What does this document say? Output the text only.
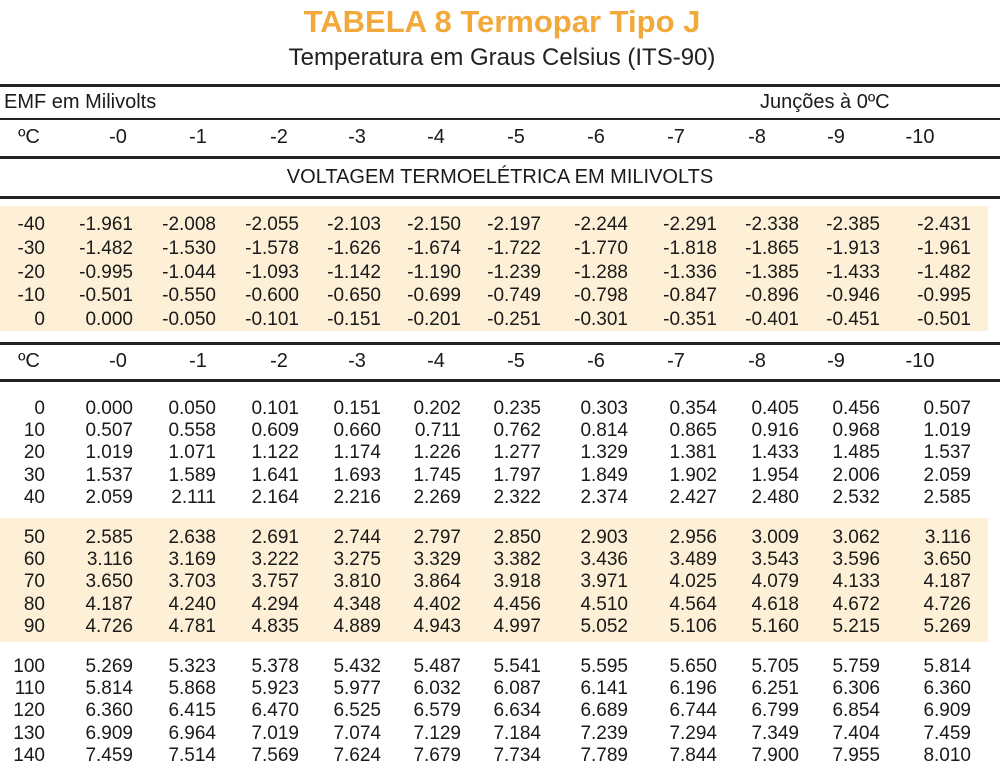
TABELA 8 Termopar Tipo J
Temperatura em Graus Celsius (ITS-90)
EMF em Milivolts	Junções à 0ºC
ºC	-0	-1	-2	-3	-4	-5	-6	-7	-8	-9	-10
VOLTAGEM TERMOELÉTRICA EM MILIVOLTS
-40	-1.961	-2.008	-2.055	-2.103	-2.150	-2.197	-2.244	-2.291	-2.338	-2.385	-2.431
-30	-1.482	-1.530	-1.578	-1.626	-1.674	-1.722	-1.770	-1.818	-1.865	-1.913	-1.961
-20	-0.995	-1.044	-1.093	-1.142	-1.190	-1.239	-1.288	-1.336	-1.385	-1.433	-1.482
-10	-0.501	-0.550	-0.600	-0.650	-0.699	-0.749	-0.798	-0.847	-0.896	-0.946	-0.995
0	0.000	-0.050	-0.101	-0.151	-0.201	-0.251	-0.301	-0.351	-0.401	-0.451	-0.501
ºC	-0	-1	-2	-3	-4	-5	-6	-7	-8	-9	-10
0	0.000	0.050	0.101	0.151	0.202	0.235	0.303	0.354	0.405	0.456	0.507
10	0.507	0.558	0.609	0.660	0.711	0.762	0.814	0.865	0.916	0.968	1.019
20	1.019	1.071	1.122	1.174	1.226	1.277	1.329	1.381	1.433	1.485	1.537
30	1.537	1.589	1.641	1.693	1.745	1.797	1.849	1.902	1.954	2.006	2.059
40	2.059	2.111	2.164	2.216	2.269	2.322	2.374	2.427	2.480	2.532	2.585
50	2.585	2.638	2.691	2.744	2.797	2.850	2.903	2.956	3.009	3.062	3.116
60	3.116	3.169	3.222	3.275	3.329	3.382	3.436	3.489	3.543	3.596	3.650
70	3.650	3.703	3.757	3.810	3.864	3.918	3.971	4.025	4.079	4.133	4.187
80	4.187	4.240	4.294	4.348	4.402	4.456	4.510	4.564	4.618	4.672	4.726
90	4.726	4.781	4.835	4.889	4.943	4.997	5.052	5.106	5.160	5.215	5.269
100	5.269	5.323	5.378	5.432	5.487	5.541	5.595	5.650	5.705	5.759	5.814
110	5.814	5.868	5.923	5.977	6.032	6.087	6.141	6.196	6.251	6.306	6.360
120	6.360	6.415	6.470	6.525	6.579	6.634	6.689	6.744	6.799	6.854	6.909
130	6.909	6.964	7.019	7.074	7.129	7.184	7.239	7.294	7.349	7.404	7.459
140	7.459	7.514	7.569	7.624	7.679	7.734	7.789	7.844	7.900	7.955	8.010
